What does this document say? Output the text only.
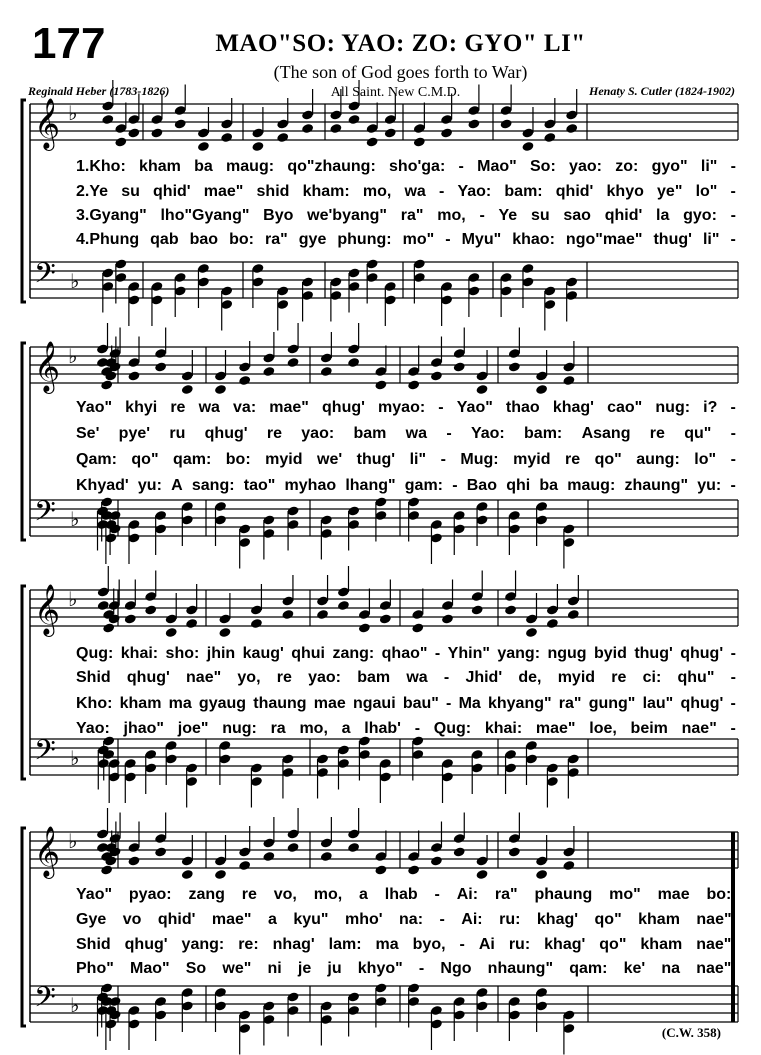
177	MAO"SO: YAO: ZO: GYO" LI"
(The son of God goes forth to War)
All Saint. New C.M.D.
Reginald Heber (1783-1826)	Henaty S. Cutler (1824-1902)
𝄞
𝄢
♭
♭
𝄞
𝄢
♭
♭
𝄞
𝄢
♭
♭
𝄞
𝄢
♭
♭
1.Kho: kham ba maug: qo"zhaung: sho'ga: - Mao" So: yao: zo: gyo" li" -
2.Ye su qhid' mae" shid kham: mo, wa - Yao: bam: qhid' khyo ye" lo" -
3.Gyang" lho"Gyang" Byo we'byang" ra" mo, - Ye su sao qhid' la gyo: -
4.Phung qab bao bo: ra" gye phung: mo" - Myu" khao: ngo"mae" thug' li" -
Yao" khyi re wa va: mae" qhug' myao: - Yao" thao khag' cao" nug: i? -
Se' pye' ru qhug' re yao: bam wa - Yao: bam: Asang re qu" -
Qam: qo" qam: bo: myid we' thug' li" - Mug: myid re qo" aung: lo" -
Khyad' yu: A sang: tao" myhao lhang" gam: - Bao qhi ba maug: zhaung" yu: -
Qug: khai: sho: jhin kaug' qhui zang: qhao" - Yhin" yang: ngug byid thug' qhug' -
Shid qhug' nae" yo, re yao: bam wa - Jhid' de, myid re ci: qhu" -
Kho: kham ma gyaug thaung mae ngaui bau" - Ma khyang" ra" gung" lau" qhug' -
Yao: jhao" joe" nug: ra mo, a lhab' - Qug: khai: mae" loe, beim nae" -
Yao" pyao: zang re vo, mo, a lhab - Ai: ra" phaung mo" mae bo:.
Gye vo qhid' mae" a kyu" mho' na: - Ai: ru: khag' qo" kham nae".
Shid qhug' yang: re: nhag' lam: ma byo, - Ai ru: khag' qo" kham nae".
Pho" Mao" So we" ni je ju khyo" - Ngo nhaung" qam: ke' na nae".
(C.W. 358)
